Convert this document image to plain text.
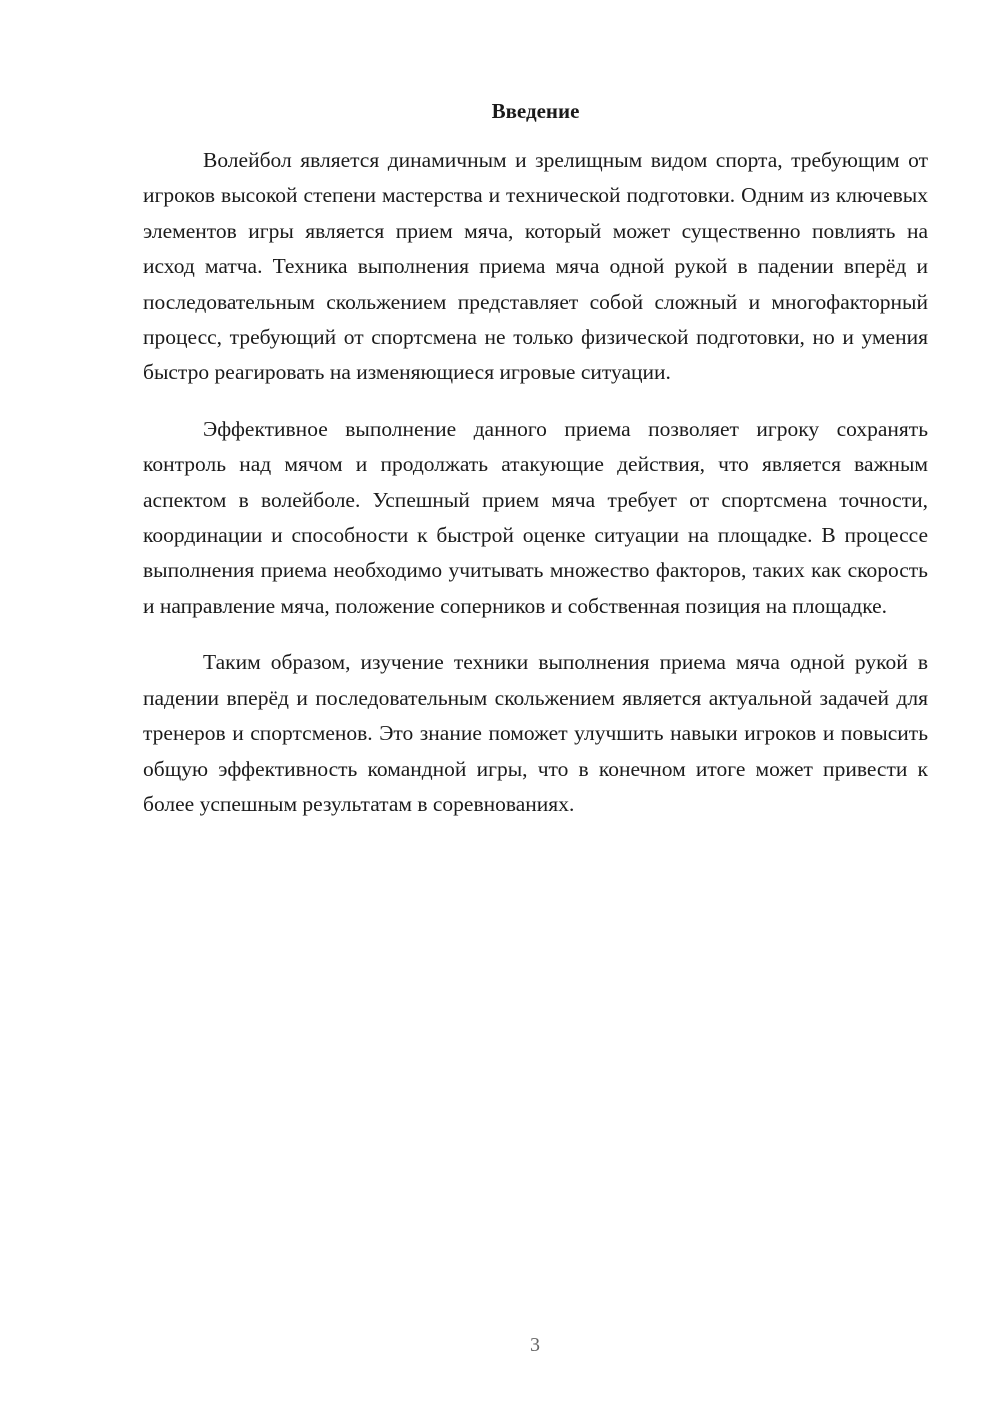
Введение

Волейбол является динамичным и зрелищным видом спорта, требующим от игроков высокой степени мастерства и технической подготовки. Одним из ключевых элементов игры является прием мяча, который может существенно повлиять на исход матча. Техника выполнения приема мяча одной рукой в падении вперёд и последовательным скольжением представляет собой сложный и многофакторный процесс, требующий от спортсмена не только физической подготовки, но и умения быстро реагировать на изменяющиеся игровые ситуации.

Эффективное выполнение данного приема позволяет игроку сохранять контроль над мячом и продолжать атакующие действия, что является важным аспектом в волейболе. Успешный прием мяча требует от спортсмена точности, координации и способности к быстрой оценке ситуации на площадке. В процессе выполнения приема необходимо учитывать множество факторов, таких как скорость и направление мяча, положение соперников и собственная позиция на площадке.

Таким образом, изучение техники выполнения приема мяча одной рукой в падении вперёд и последовательным скольжением является актуальной задачей для тренеров и спортсменов. Это знание поможет улучшить навыки игроков и повысить общую эффективность командной игры, что в конечном итоге может привести к более успешным результатам в соревнованиях.

3
